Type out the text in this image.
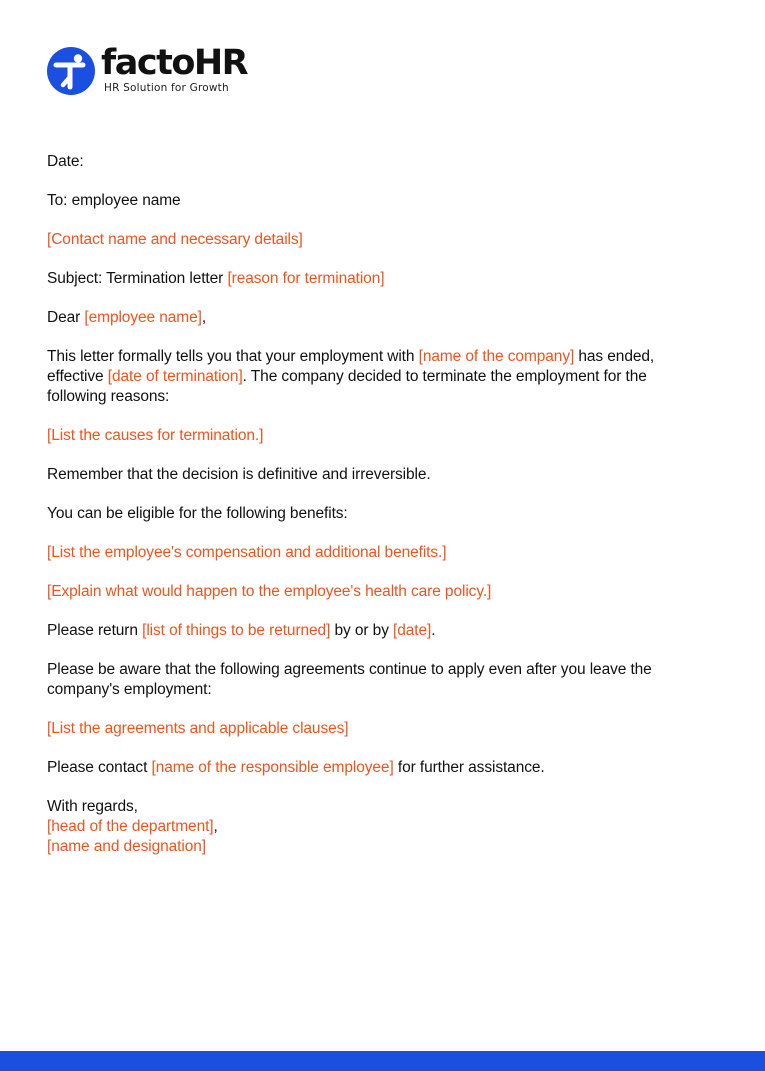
factoHR
HR Solution for Growth

Date:

To: employee name

[Contact name and necessary details]

Subject: Termination letter [reason for termination]

Dear [employee name],

This letter formally tells you that your employment with [name of the company] has ended, effective [date of termination]. The company decided to terminate the employment for the following reasons:

[List the causes for termination.]

Remember that the decision is definitive and irreversible.

You can be eligible for the following benefits:

[List the employee's compensation and additional benefits.]

[Explain what would happen to the employee's health care policy.]

Please return [list of things to be returned] by or by [date].

Please be aware that the following agreements continue to apply even after you leave the company's employment:

[List the agreements and applicable clauses]

Please contact [name of the responsible employee] for further assistance.

With regards,
[head of the department],
[name and designation]
